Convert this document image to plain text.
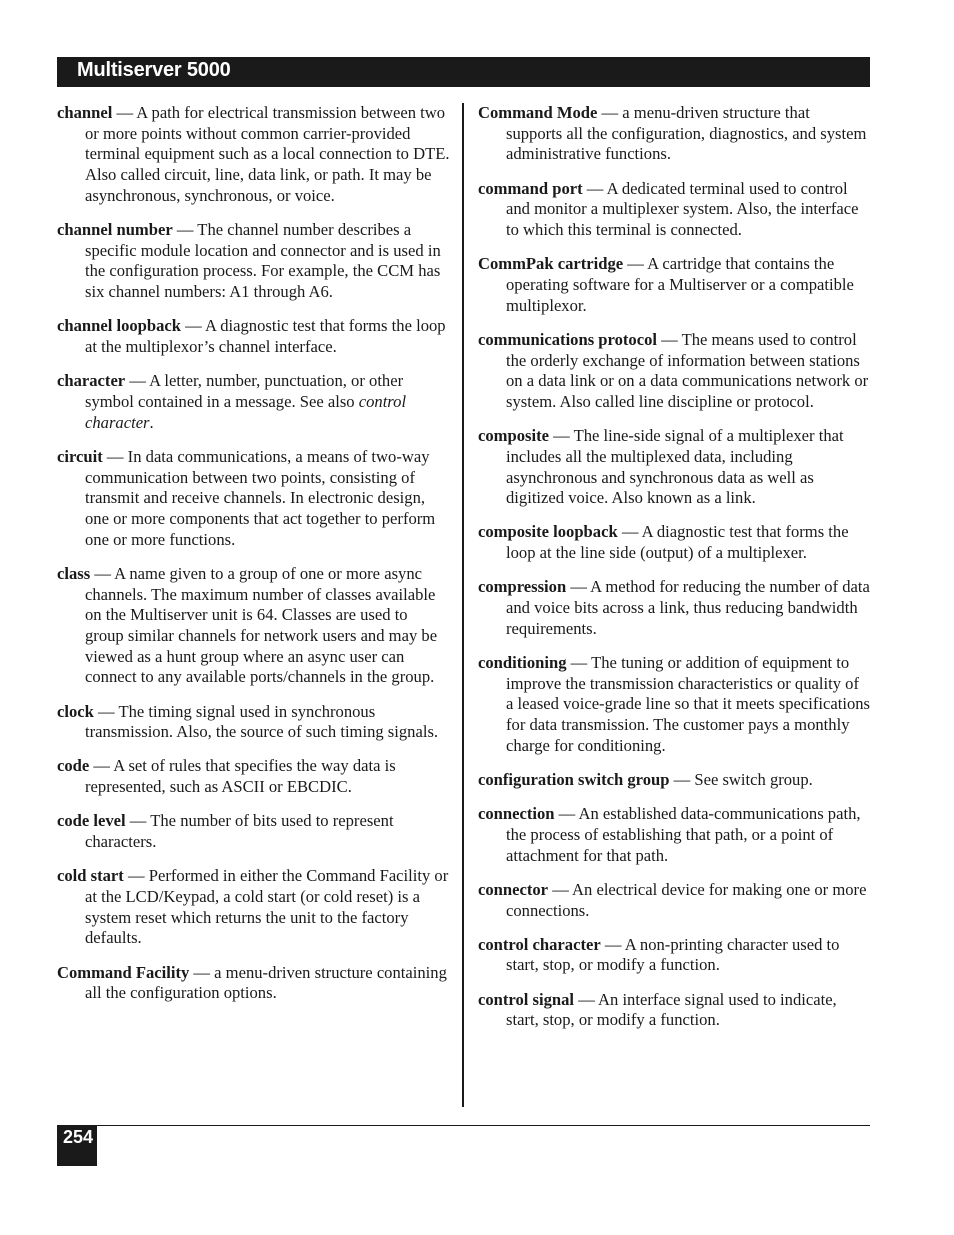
Multiserver 5000

channel — A path for electrical transmission between two or more points without common carrier-provided terminal equipment such as a local connection to DTE. Also called circuit, line, data link, or path. It may be asynchronous, synchronous, or voice.

channel number — The channel number describes a specific module location and connector and is used in the configuration process. For example, the CCM has six channel numbers: A1 through A6.

channel loopback — A diagnostic test that forms the loop at the multiplexor’s channel interface.

character — A letter, number, punctuation, or other symbol contained in a message. See also control character.

circuit — In data communications, a means of two-way communication between two points, consisting of transmit and receive channels. In electronic design, one or more components that act together to perform one or more functions.

class — A name given to a group of one or more async channels. The maximum number of classes available on the Multiserver unit is 64. Classes are used to group similar channels for network users and may be viewed as a hunt group where an async user can connect to any available ports/channels in the group.

clock — The timing signal used in synchronous transmission. Also, the source of such timing signals.

code — A set of rules that specifies the way data is represented, such as ASCII or EBCDIC.

code level — The number of bits used to represent characters.

cold start — Performed in either the Command Facility or at the LCD/Keypad, a cold start (or cold reset) is a system reset which returns the unit to the factory defaults.

Command Facility — a menu-driven structure containing all the configuration options.

Command Mode — a menu-driven structure that supports all the configuration, diagnostics, and system administrative functions.

command port — A dedicated terminal used to control and monitor a multiplexer system. Also, the interface to which this terminal is connected.

CommPak cartridge — A cartridge that contains the operating software for a Multiserver or a compatible multiplexor.

communications protocol — The means used to control the orderly exchange of information between stations on a data link or on a data communications network or system. Also called line discipline or protocol.

composite — The line-side signal of a multiplexer that includes all the multiplexed data, including asynchronous and synchronous data as well as digitized voice. Also known as a link.

composite loopback — A diagnostic test that forms the loop at the line side (output) of a multiplexer.

compression — A method for reducing the number of data and voice bits across a link, thus reducing bandwidth requirements.

conditioning — The tuning or addition of equipment to improve the transmission characteristics or quality of a leased voice-grade line so that it meets specifications for data transmission. The customer pays a monthly charge for conditioning.

configuration switch group — See switch group.

connection — An established data-communications path, the process of establishing that path, or a point of attachment for that path.

connector — An electrical device for making one or more connections.

control character — A non-printing character used to start, stop, or modify a function.

control signal — An interface signal used to indicate, start, stop, or modify a function.

254
